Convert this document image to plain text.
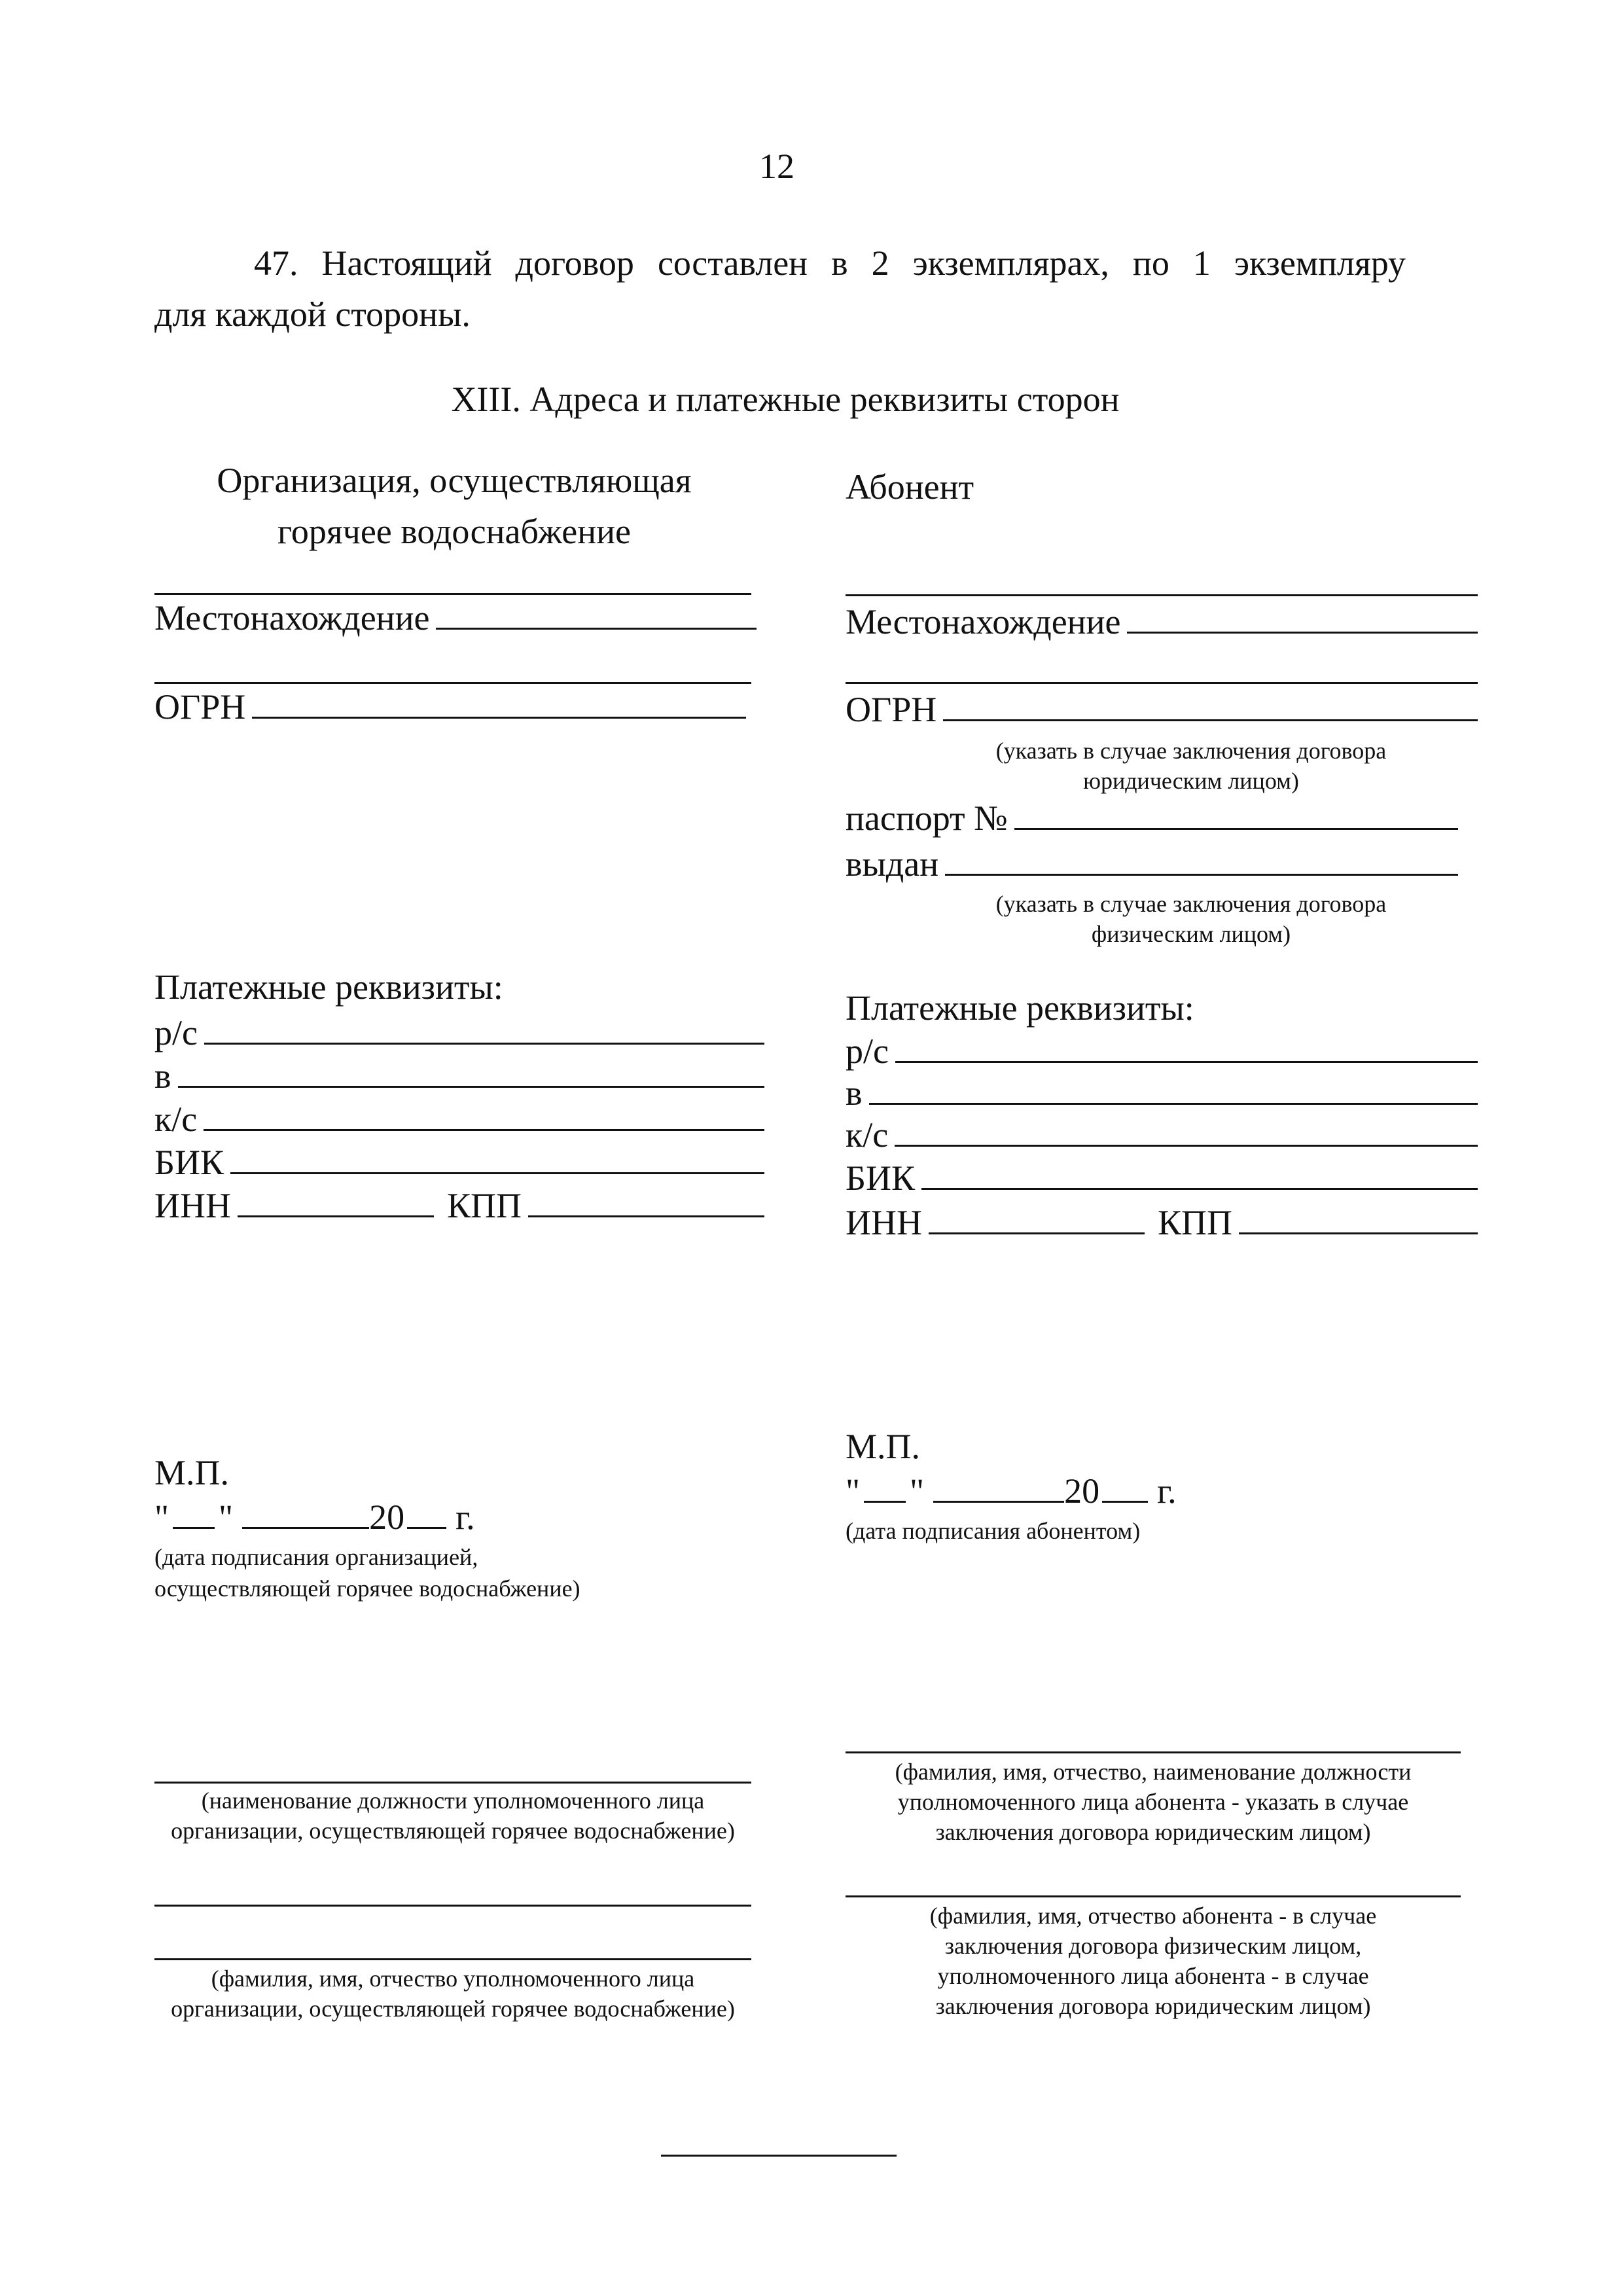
12
47. Настоящий договор составлен в 2 экземплярах, по 1 экземпляру
для каждой стороны.
XIII. Адреса и платежные реквизиты сторон
Организация, осуществляющая
горячее водоснабжение
Местонахождение
ОГРН
Платежные реквизиты:
р/с
в
к/с
БИК
ИНН	КПП
М.П.
" "	20 г.
(дата подписания организацией,
осуществляющей горячее водоснабжение)
(наименование должности уполномоченного лица организации, осуществляющей горячее водоснабжение)
(фамилия, имя, отчество уполномоченного лица организации, осуществляющей горячее водоснабжение)
Абонент
Местонахождение
ОГРН
(указать в случае заключения договора юридическим лицом)
паспорт №
выдан
(указать в случае заключения договора физическим лицом)
Платежные реквизиты:
р/с
в
к/с
БИК
ИНН	КПП
М.П.
" "	20 г.
(дата подписания абонентом)
(фамилия, имя, отчество, наименование должности уполномоченного лица абонента - указать в случае заключения договора юридическим лицом)
(фамилия, имя, отчество абонента - в случае заключения договора физическим лицом, уполномоченного лица абонента - в случае заключения договора юридическим лицом)
